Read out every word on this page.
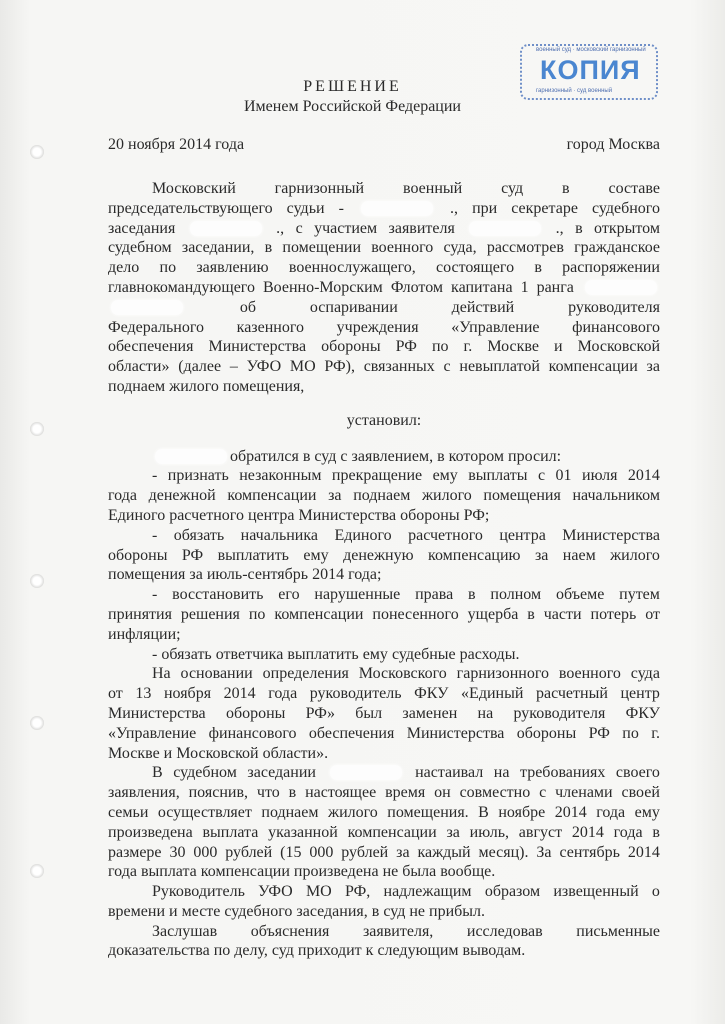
военный суд · московский гарнизонный
КОПИЯ
гарнизонный · суд военный
РЕШЕНИЕ
Именем Российской Федерации
20 ноября 2014 года	город Москва
Московский гарнизонный военный суд в составе
председательствующего судьи -	., при секретаре судебного
заседания	., с участием заявителя	., в открытом
судебном заседании, в помещении военного суда, рассмотрев гражданское
дело по заявлению военнослужащего, состоящего в распоряжении
главнокомандующего Военно-Морским Флотом капитана 1 ранга
об	оспаривании	действий	руководителя
Федерального казенного учреждения «Управление финансового
обеспечения Министерства обороны РФ по г. Москве и Московской
области» (далее – УФО МО РФ), связанных с невыплатой компенсации за
поднаем жилого помещения,
установил:
обратился в суд с заявлением, в котором просил:
- признать незаконным прекращение ему выплаты с 01 июля 2014
года денежной компенсации за поднаем жилого помещения начальником
Единого расчетного центра Министерства обороны РФ;
- обязать начальника Единого расчетного центра Министерства
обороны РФ выплатить ему денежную компенсацию за наем жилого
помещения за июль-сентябрь 2014 года;
- восстановить его нарушенные права в полном объеме путем
принятия решения по компенсации понесенного ущерба в части потерь от
инфляции;
- обязать ответчика выплатить ему судебные расходы.
На основании определения Московского гарнизонного военного суда
от 13 ноября 2014 года руководитель ФКУ «Единый расчетный центр
Министерства обороны РФ» был заменен на руководителя ФКУ
«Управление финансового обеспечения Министерства обороны РФ по г.
Москве и Московской области».
В судебном заседании	настаивал на требованиях своего
заявления, пояснив, что в настоящее время он совместно с членами своей
семьи осуществляет поднаем жилого помещения. В ноябре 2014 года ему
произведена выплата указанной компенсации за июль, август 2014 года в
размере 30 000 рублей (15 000 рублей за каждый месяц). За сентябрь 2014
года выплата компенсации произведена не была вообще.
Руководитель УФО МО РФ, надлежащим образом извещенный о
времени и месте судебного заседания, в суд не прибыл.
Заслушав объяснения заявителя, исследовав письменные
доказательства по делу, суд приходит к следующим выводам.
